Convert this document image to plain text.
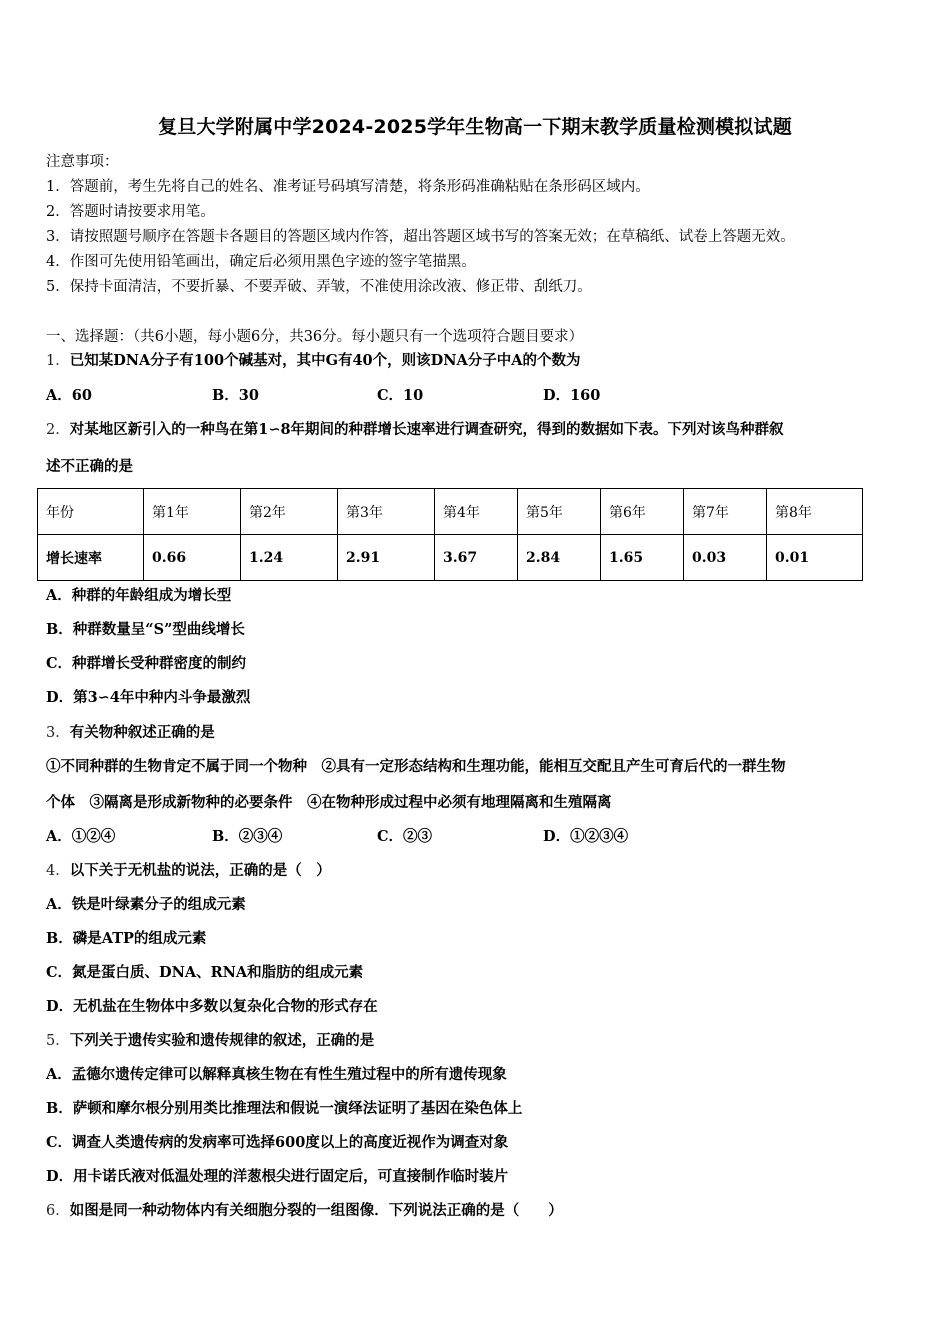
复旦大学附属中学2024-2025学年生物高一下期末教学质量检测模拟试题
注意事项：
1．答题前，考生先将自己的姓名、准考证号码填写清楚，将条形码准确粘贴在条形码区域内。
2．答题时请按要求用笔。
3．请按照题号顺序在答题卡各题目的答题区域内作答，超出答题区域书写的答案无效；在草稿纸、试卷上答题无效。
4．作图可先使用铅笔画出，确定后必须用黑色字迹的签字笔描黑。
5．保持卡面清洁，不要折暴、不要弄破、弄皱，不准使用涂改液、修正带、刮纸刀。
一、选择题：（共6小题，每小题6分，共36分。每小题只有一个选项符合题目要求）
1．已知某DNA分子有100个碱基对，其中G有40个，则该DNA分子中A的个数为
A．60	B．30	C．10	D．160
2．对某地区新引入的一种鸟在第1∽8年期间的种群增长速率进行调查研究，得到的数据如下表。下列对该鸟种群叙
述不正确的是
年份	第1年	第2年	第3年	第4年	第5年	第6年	第7年	第8年
增长速率	0.66	1.24	2.91	3.67	2.84	1.65	0.03	0.01
A．种群的年龄组成为增长型
B．种群数量呈“S”型曲线增长
C．种群增长受种群密度的制约
D．第3∽4年中种内斗争最激烈
3．有关物种叙述正确的是
①不同种群的生物肯定不属于同一个物种　②具有一定形态结构和生理功能，能相互交配且产生可育后代的一群生物
个体　③隔离是形成新物种的必要条件　④在物种形成过程中必须有地理隔离和生殖隔离
A．①②④	B．②③④	C．②③	D．①②③④
4．以下关于无机盐的说法，正确的是（　）
A．铁是叶绿素分子的组成元素
B．磷是ATP的组成元素
C．氮是蛋白质、DNA、RNA和脂肪的组成元素
D．无机盐在生物体中多数以复杂化合物的形式存在
5．下列关于遗传实验和遗传规律的叙述，正确的是
A．孟德尔遗传定律可以解释真核生物在有性生殖过程中的所有遗传现象
B．萨顿和摩尔根分别用类比推理法和假说一演绎法证明了基因在染色体上
C．调查人类遗传病的发病率可选择600度以上的高度近视作为调查对象
D．用卡诺氏液对低温处理的洋葱根尖进行固定后，可直接制作临时装片
6．如图是同一种动物体内有关细胞分裂的一组图像．下列说法正确的是（　　）
